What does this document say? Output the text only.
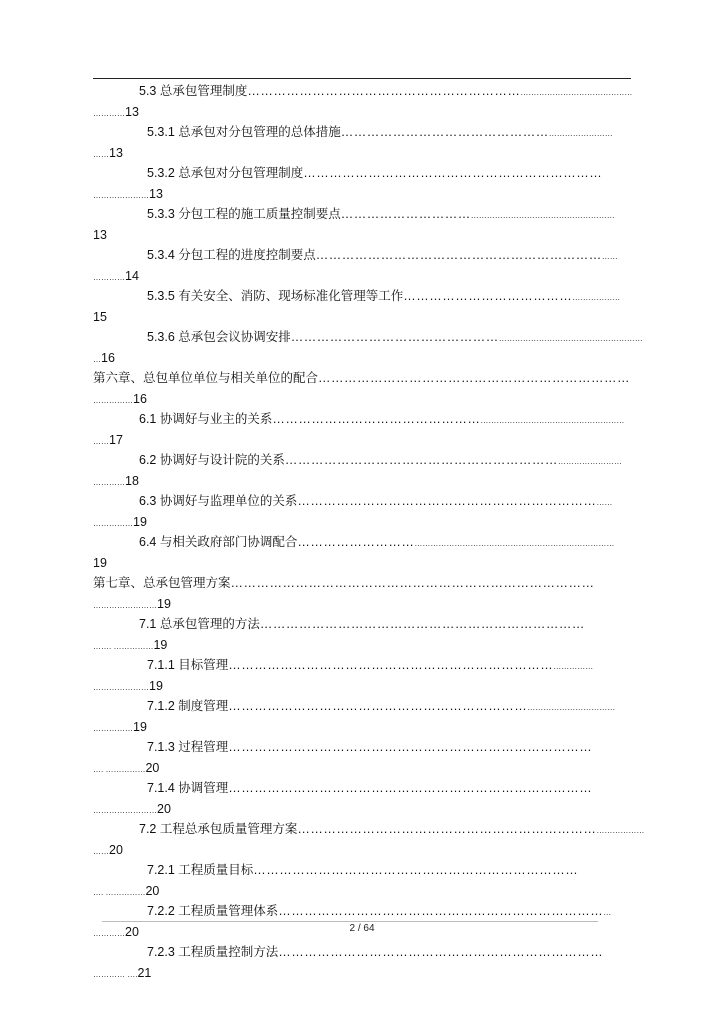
5.3 总承包管理制度……………………………………………………………………………………………
…………13
5.3.1 总承包对分包管理的总体措施………………………………………………………………
……13
5.3.2 总承包对分包管理制度……………………………………………………………
…………………13
5.3.3 分包工程的施工质量控制要点…………………………………………………………………………
13
5.3.4 分包工程的进度控制要点………………………………………………………………
…………14
5.3.5 有关安全、消防、现场标准化管理等工作…………………………………………………
15
5.3.6 总承包会议协调安排…………………………………………………………………………………………
…16
第六章、总包单位单位与相关单位的配合………………………………………………………………
……………16
6.1 协调好与业主的关系…………………………………………………………………………………………
……17
6.2 协调好与设计院的关系……………………………………………………………………………
…………18
6.3 协调好与监理单位的关系…………………………………………………………………
……………19
6.4 与相关政府部门协调配合…………………………………………………………………………………………
19
第七章、总承包管理方案…………………………………………………………………………
……………………19
7.1 总承包管理的方法…………………………………………………………………
……. ……………19
7.1.1 目标管理………………………………………………………………………………
…………………19
7.1.2 制度管理…………………………………………………………………………………………
……………19
7.1.3 过程管理…………………………………………………………………………
…. ……………20
7.1.4 协调管理…………………………………………………………………………
……………………20
7.2 工程总承包质量管理方案……………………………………………………………………………
……20
7.2.1 工程质量目标…………………………………………………………………
…. ……………20
7.2.2 工程质量管理体系……………………………………………………………………
…………20
7.2.3 工程质量控制方法…………………………………………………………………
………… ….21
2 / 64
